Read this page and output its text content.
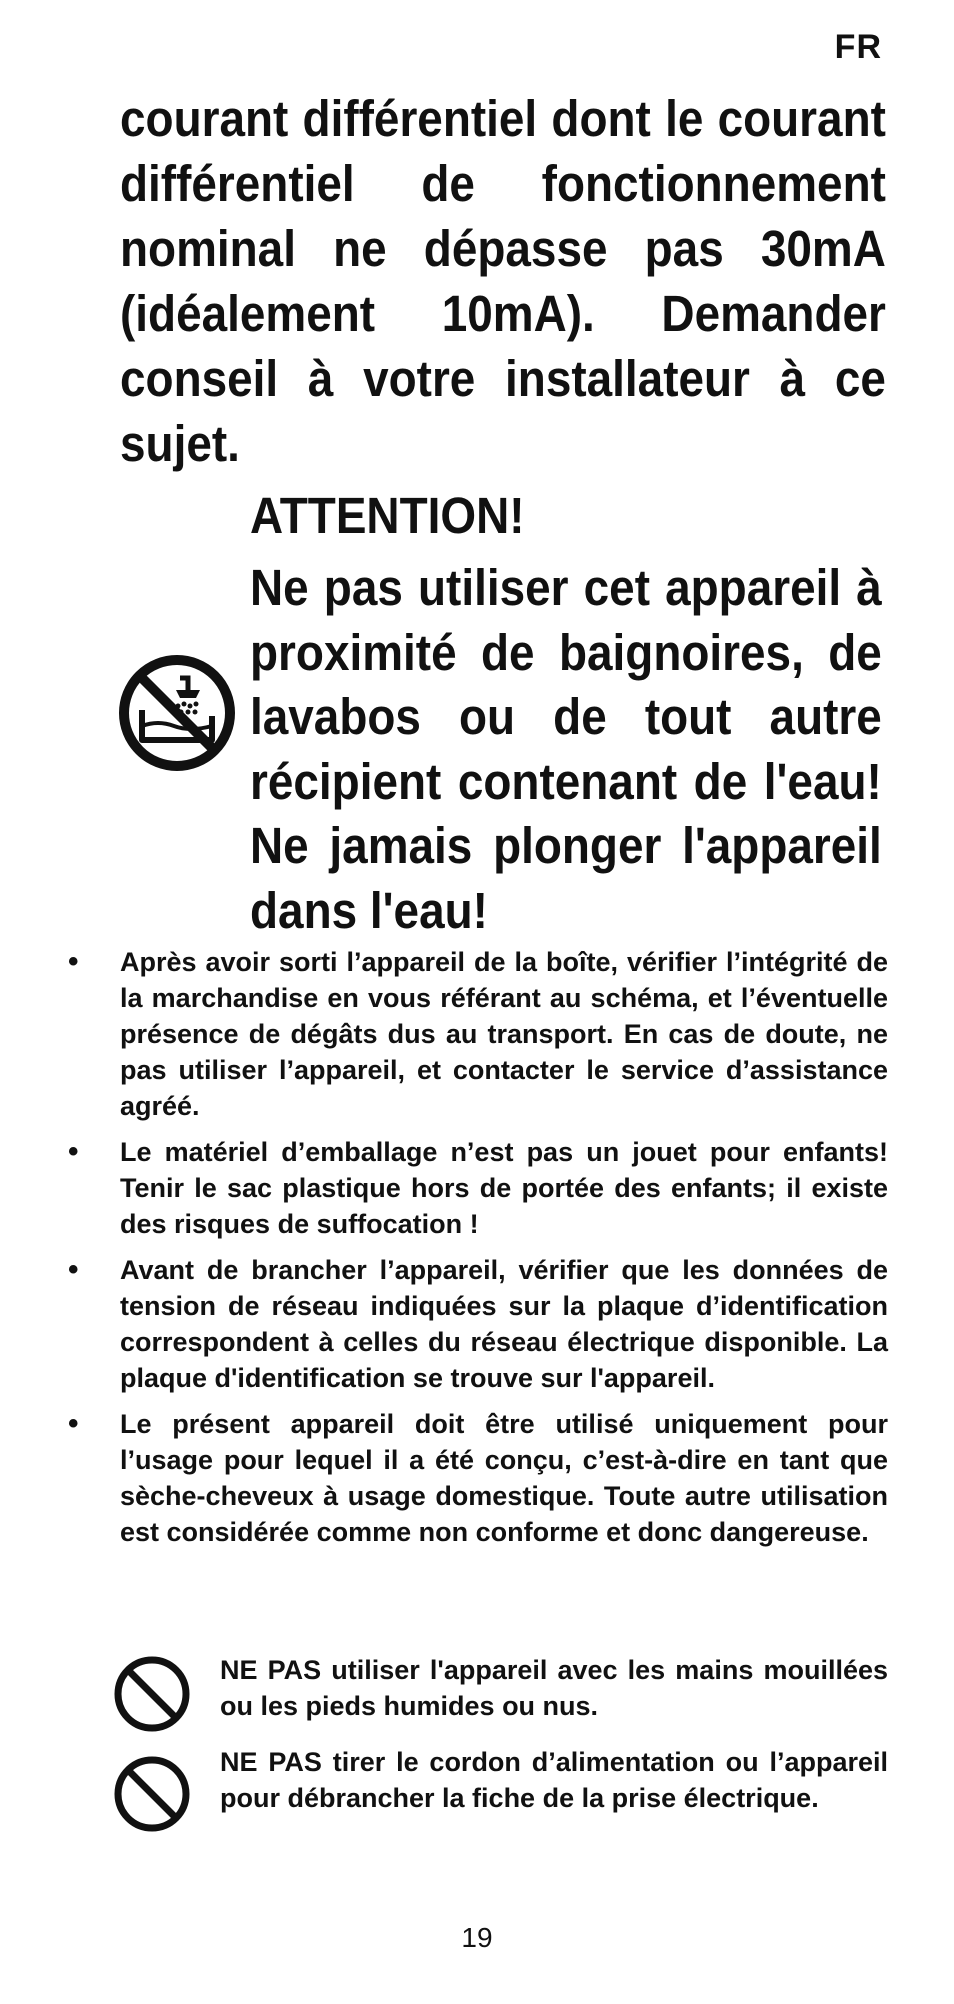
FR

courant différentiel dont le courant différentiel de fonctionnement nominal ne dépasse pas 30mA (idéalement 10mA). Demander conseil à votre installateur à ce sujet.

ATTENTION!

Ne pas utiliser cet appareil à proximité de baignoires, de lavabos ou de tout autre récipient contenant de l'eau! Ne jamais plonger l'appareil dans l'eau!

• Après avoir sorti l’appareil de la boîte, vérifier l’intégrité de la marchandise en vous référant au schéma, et l’éventuelle présence de dégâts dus au transport. En cas de doute, ne pas utiliser l’appareil, et contacter le service d’assistance agréé.
• Le matériel d’emballage n’est pas un jouet pour enfants! Tenir le sac plastique hors de portée des enfants; il existe des risques de suffocation !
• Avant de brancher l’appareil, vérifier que les données de tension de réseau indiquées sur la plaque d’identification correspondent à celles du réseau électrique disponible. La plaque d'identification se trouve sur l'appareil.
• Le présent appareil doit être utilisé uniquement pour l’usage pour lequel il a été conçu, c’est-à-dire en tant que sèche-cheveux à usage domestique. Toute autre utilisation est considérée comme non conforme et donc dangereuse.

NE PAS utiliser l'appareil avec les mains mouillées ou les pieds humides ou nus.

NE PAS tirer le cordon d’alimentation ou l’appareil pour débrancher la fiche de la prise électrique.

19
